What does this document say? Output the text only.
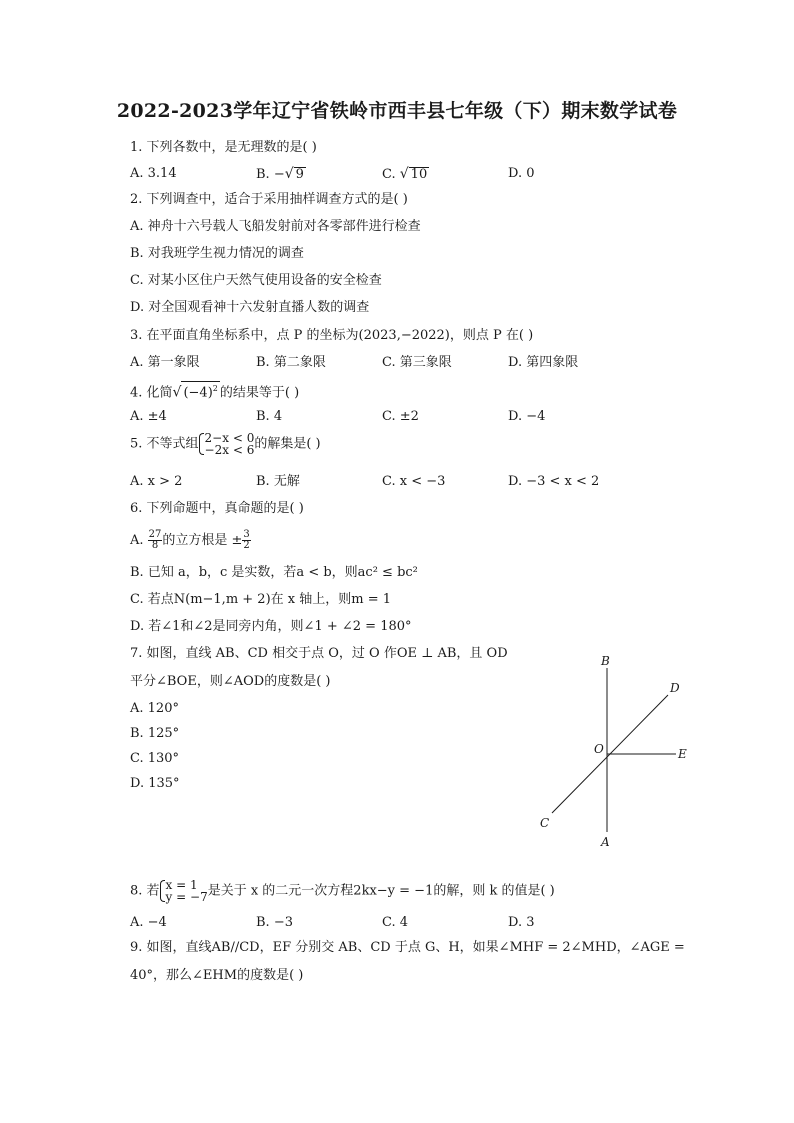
2022-2023学年辽宁省铁岭市西丰县七年级（下）期末数学试卷
1. 下列各数中，是无理数的是( )
A. 3.14	B. −√ 9	C. √ 10	D. 0
2. 下列调查中，适合于采用抽样调查方式的是( )
A. 神舟十六号载人飞船发射前对各零部件进行检查
B. 对我班学生视力情况的调查
C. 对某小区住户天然气使用设备的安全检查
D. 对全国观看神十六发射直播人数的调查
3. 在平面直角坐标系中，点 P 的坐标为(2023,−2022)，则点 P 在( )
A. 第一象限	B. 第二象限	C. 第三象限	D. 第四象限
4. 化简√ $(-4)^2$ 的结果等于( )
A. ±4	B. 4	C. ±2	D. −4
5. 不等式组 2−x < 0
−2x < 6 的解集是( )
A. x > 2	B. 无解	C. x < −3	D. −3 < x < 2
6. 下列命题中，真命题的是( )
A. $\frac{27}{8}$ 的立方根是 ± $\frac{3}{2}$
B. 已知 a，b，c 是实数，若a < b，则ac² ≤ bc²
C. 若点N(m−1,m + 2)在 x 轴上，则m = 1
D. 若∠1和∠2是同旁内角，则∠1 + ∠2 = 180°
7. 如图，直线 AB、CD 相交于点 O，过 O 作OE ⊥ AB，且 OD
平分∠BOE，则∠AOD的度数是( )
A. 120°
B. 125°
C. 130°
D. 135°
B
D
O	E
C
A
8. 若 x = 1
y = −7 是关于 x 的二元一次方程2kx−y = −1的解，则 k 的值是( )
A. −4	B. −3	C. 4	D. 3
9. 如图，直线AB//CD，EF 分别交 AB、CD 于点 G、H，如果∠MHF = 2∠MHD，∠AGE =
40°，那么∠EHM的度数是( )
